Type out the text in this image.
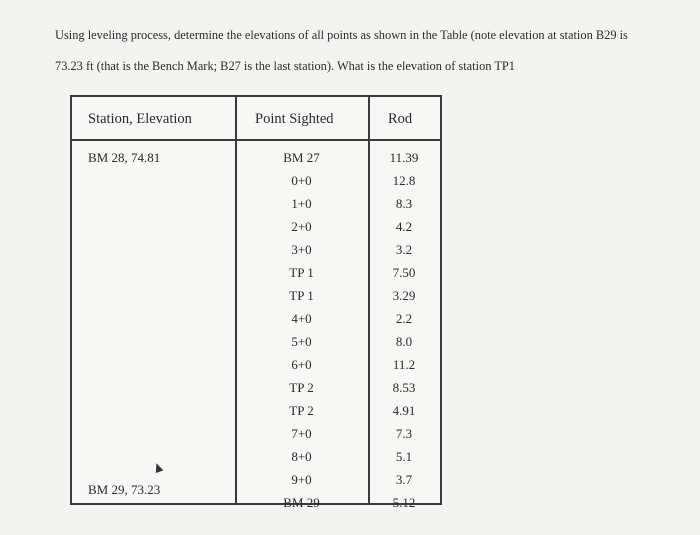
Using leveling process, determine the elevations of all points as shown in the Table (note elevation at station B29 is

73.23 ft (that is the Bench Mark; B27 is the last station). What is the elevation of station TP1

Station, Elevation
BM 28, 74.81
BM 29, 73.23
Point Sighted
BM 27
0+0
1+0
2+0
3+0
TP 1
TP 1
4+0
5+0
6+0
TP 2
TP 2
7+0
8+0
9+0
BM 29
Rod
11.39
12.8
8.3
4.2
3.2
7.50
3.29
2.2
8.0
11.2
8.53
4.91
7.3
5.1
3.7
5.12
